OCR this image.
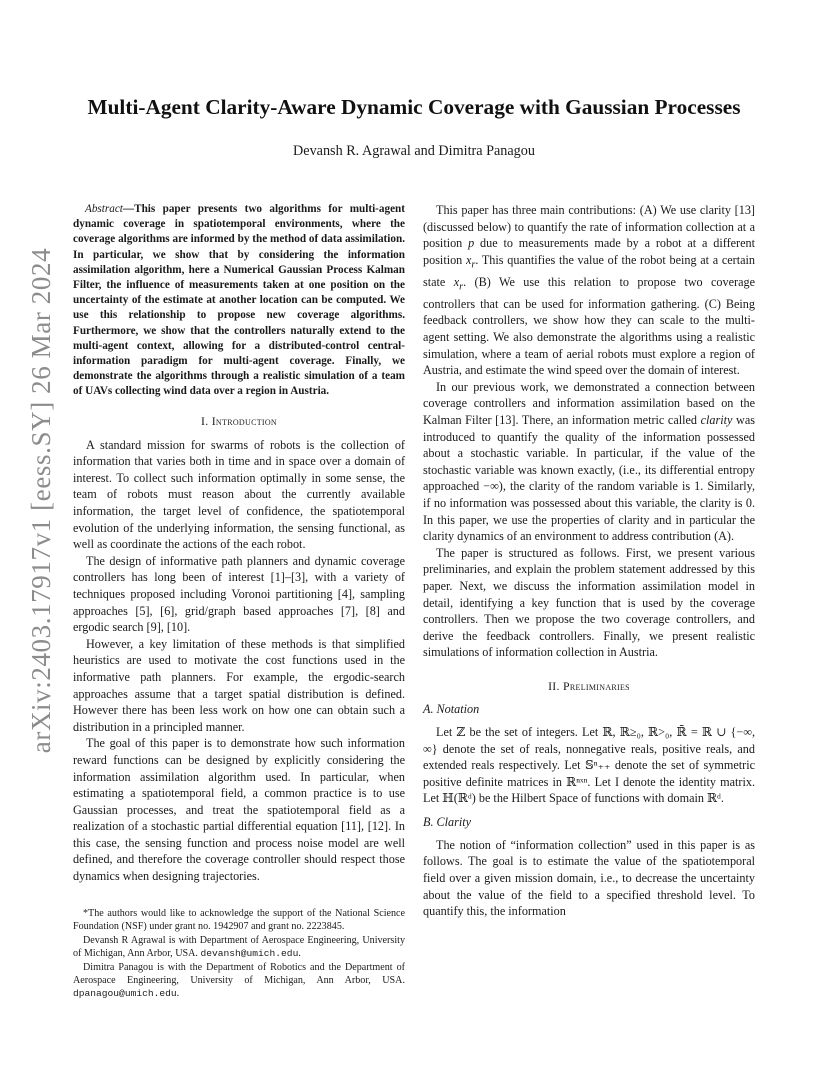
arXiv:2403.17917v1 [eess.SY] 26 Mar 2024
Multi-Agent Clarity-Aware Dynamic Coverage with Gaussian Processes
Devansh R. Agrawal and Dimitra Panagou

Abstract—This paper presents two algorithms for multi-agent dynamic coverage in spatiotemporal environments, where the coverage algorithms are informed by the method of data assimilation. In particular, we show that by considering the information assimilation algorithm, here a Numerical Gaussian Process Kalman Filter, the influence of measurements taken at one position on the uncertainty of the estimate at another location can be computed. We use this relationship to propose new coverage algorithms. Furthermore, we show that the controllers naturally extend to the multi-agent context, allowing for a distributed-control central-information paradigm for multi-agent coverage. Finally, we demonstrate the algorithms through a realistic simulation of a team of UAVs collecting wind data over a region in Austria.

I. Introduction

A standard mission for swarms of robots is the collection of information that varies both in time and in space over a domain of interest. To collect such information optimally in some sense, the team of robots must reason about the currently available information, the target level of confidence, the spatiotemporal evolution of the underlying information, the sensing functional, as well as coordinate the actions of the each robot.

The design of informative path planners and dynamic coverage controllers has long been of interest [1]–[3], with a variety of techniques proposed including Voronoi partitioning [4], sampling approaches [5], [6], grid/graph based approaches [7], [8] and ergodic search [9], [10].

However, a key limitation of these methods is that simplified heuristics are used to motivate the cost functions used in the informative path planners. For example, the ergodic-search approaches assume that a target spatial distribution is defined. However there has been less work on how one can obtain such a distribution in a principled manner.

The goal of this paper is to demonstrate how such information reward functions can be designed by explicitly considering the information assimilation algorithm used. In particular, when estimating a spatiotemporal field, a common practice is to use Gaussian processes, and treat the spatiotemporal field as a realization of a stochastic partial differential equation [11], [12]. In this case, the sensing function and process noise model are well defined, and therefore the coverage controller should respect those dynamics when designing trajectories.

*The authors would like to acknowledge the support of the National Science Foundation (NSF) under grant no. 1942907 and grant no. 2223845.

Devansh R Agrawal is with Department of Aerospace Engineering, University of Michigan, Ann Arbor, USA. devansh@umich.edu.

Dimitra Panagou is with the Department of Robotics and the Department of Aerospace Engineering, University of Michigan, Ann Arbor, USA. dpanagou@umich.edu.

This paper has three main contributions: (A) We use clarity [13] (discussed below) to quantify the rate of information collection at a position p due to measurements made by a robot at a different position $x_r$. This quantifies the value of the robot being at a certain state $x_r$. (B) We use this relation to propose two coverage controllers that can be used for information gathering. (C) Being feedback controllers, we show how they can scale to the multi-agent setting. We also demonstrate the algorithms using a realistic simulation, where a team of aerial robots must explore a region of Austria, and estimate the wind speed over the domain of interest.

In our previous work, we demonstrated a connection between coverage controllers and information assimilation based on the Kalman Filter [13]. There, an information metric called clarity was introduced to quantify the quality of the information possessed about a stochastic variable. In particular, if the value of the stochastic variable was known exactly, (i.e., its differential entropy approached −∞), the clarity of the random variable is 1. Similarly, if no information was possessed about this variable, the clarity is 0. In this paper, we use the properties of clarity and in particular the clarity dynamics of an environment to address contribution (A).

The paper is structured as follows. First, we present various preliminaries, and explain the problem statement addressed by this paper. Next, we discuss the information assimilation model in detail, identifying a key function that is used by the coverage controllers. Then we propose the two coverage controllers, and derive the feedback controllers. Finally, we present realistic simulations of information collection in Austria.

II. Preliminaries
A. Notation

Let ℤ be the set of integers. Let ℝ, ℝ≥₀, ℝ>₀, ℝ̄ = ℝ ∪ {−∞, ∞} denote the set of reals, nonnegative reals, positive reals, and extended reals respectively. Let 𝕊ⁿ₊₊ denote the set of symmetric positive definite matrices in ℝⁿˣⁿ. Let I denote the identity matrix. Let ℍ(ℝᵈ) be the Hilbert Space of functions with domain ℝᵈ.

B. Clarity

The notion of “information collection” used in this paper is as follows. The goal is to estimate the value of the spatiotemporal field over a given mission domain, i.e., to decrease the uncertainty about the value of the field to a specified threshold level. To quantify this, the information
